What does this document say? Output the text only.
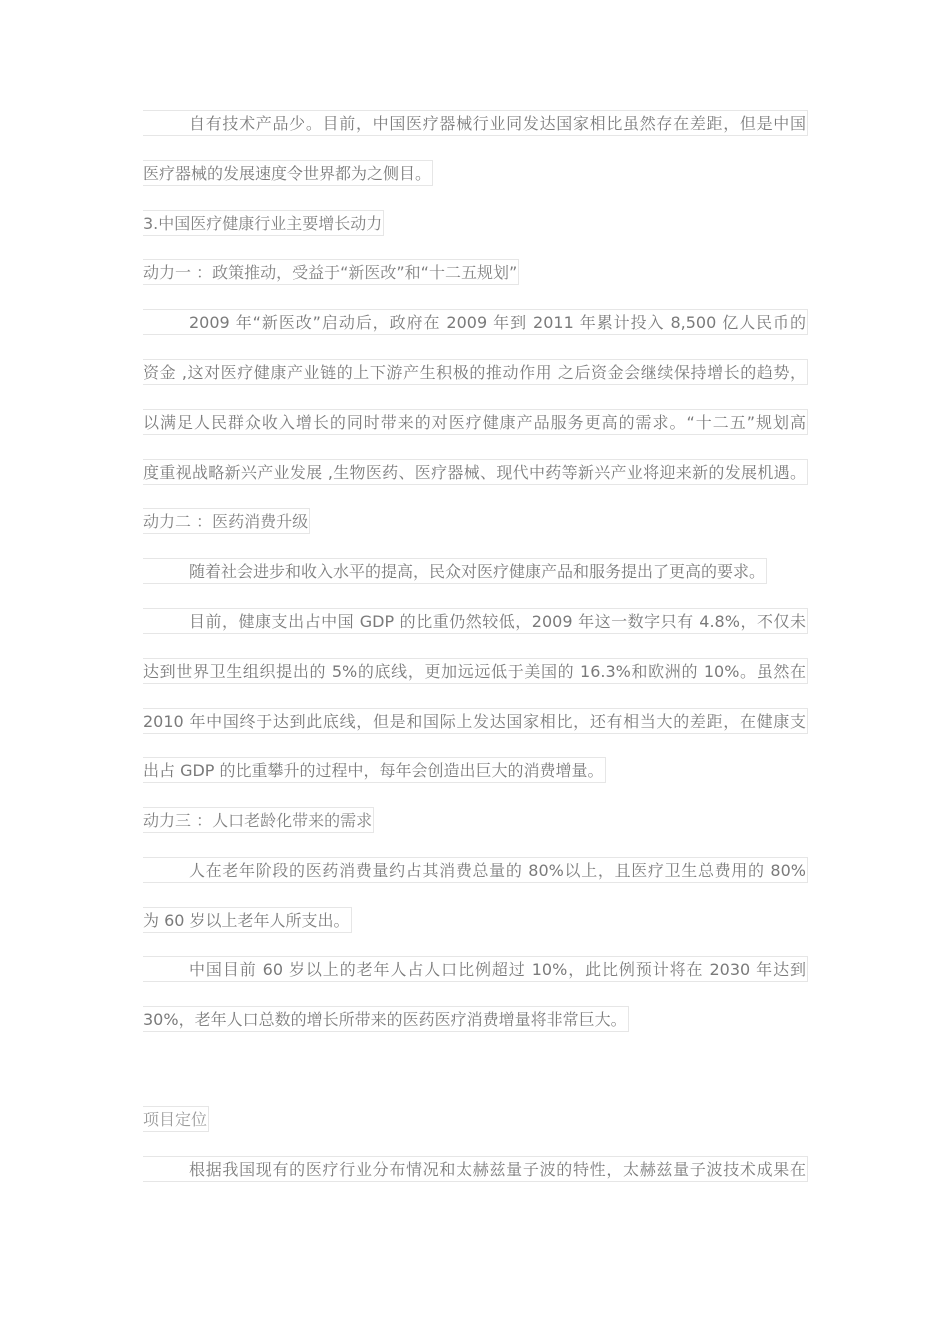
自有技术产品少。目前，中国医疗器械行业同发达国家相比虽然存在差距，但是中国
医疗器械的发展速度令世界都为之侧目。
3.中国医疗健康行业主要增长动力
动力一 ：政策推动，受益于“新医改”和“十二五规划”
2009 年“新医改”启动后，政府在 2009 年到 2011 年累计投入 8,500 亿人民币的
资金 ,这对医疗健康产业链的上下游产生积极的推动作用 之后资金会继续保持增长的趋势，
以满足人民群众收入增长的同时带来的对医疗健康产品服务更高的需求。“十二五”规划高
度重视战略新兴产业发展 ,生物医药、医疗器械、现代中药等新兴产业将迎来新的发展机遇。
动力二 ：医药消费升级
随着社会进步和收入水平的提高，民众对医疗健康产品和服务提出了更高的要求。
目前，健康支出占中国 GDP 的比重仍然较低，2009 年这一数字只有 4.8%，不仅未
达到世界卫生组织提出的 5%的底线，更加远远低于美国的 16.3%和欧洲的 10%。虽然在
2010 年中国终于达到此底线，但是和国际上发达国家相比，还有相当大的差距，在健康支
出占 GDP 的比重攀升的过程中，每年会创造出巨大的消费增量。
动力三 ：人口老龄化带来的需求
人在老年阶段的医药消费量约占其消费总量的 80%以上，且医疗卫生总费用的 80%
为 60 岁以上老年人所支出。
中国目前 60 岁以上的老年人占人口比例超过 10%，此比例预计将在 2030 年达到
30%，老年人口总数的增长所带来的医药医疗消费增量将非常巨大。
项目定位
根据我国现有的医疗行业分布情况和太赫兹量子波的特性，太赫兹量子波技术成果在
